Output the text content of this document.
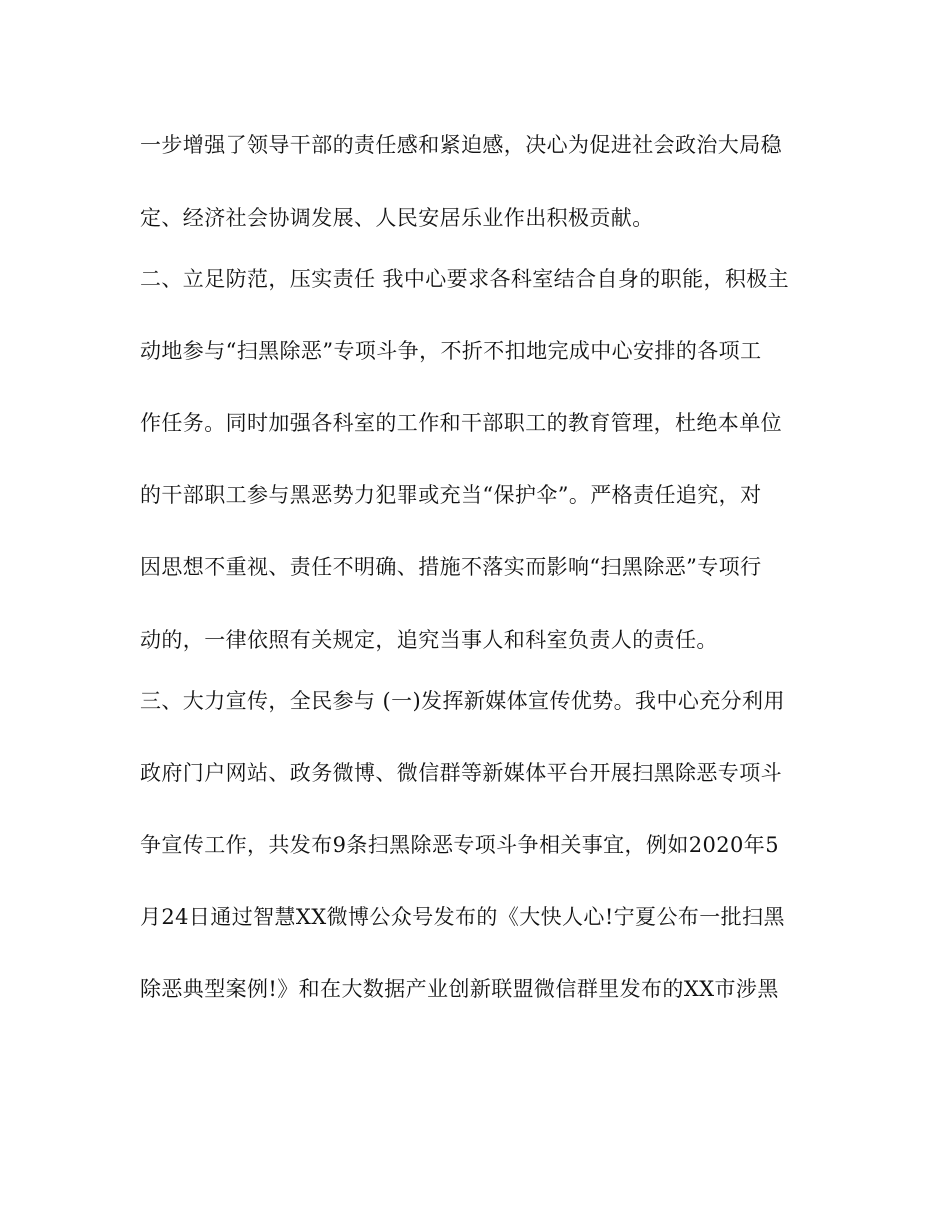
一步增强了领导干部的责任感和紧迫感，决心为促进社会政治大局稳
定、经济社会协调发展、人民安居乐业作出积极贡献。
二、立足防范，压实责任 我中心要求各科室结合自身的职能，积极主
动地参与“扫黑除恶”专项斗争，不折不扣地完成中心安排的各项工
作任务。同时加强各科室的工作和干部职工的教育管理，杜绝本单位
的干部职工参与黑恶势力犯罪或充当“保护伞”。严格责任追究，对
因思想不重视、责任不明确、措施不落实而影响“扫黑除恶”专项行
动的，一律依照有关规定，追究当事人和科室负责人的责任。
三、大力宣传，全民参与 (一)发挥新媒体宣传优势。我中心充分利用
政府门户网站、政务微博、微信群等新媒体平台开展扫黑除恶专项斗
争宣传工作，共发布9条扫黑除恶专项斗争相关事宜，例如2020年5
月24日通过智慧XX微博公众号发布的《大快人心!宁夏公布一批扫黑
除恶典型案例!》和在大数据产业创新联盟微信群里发布的XX市涉黑
